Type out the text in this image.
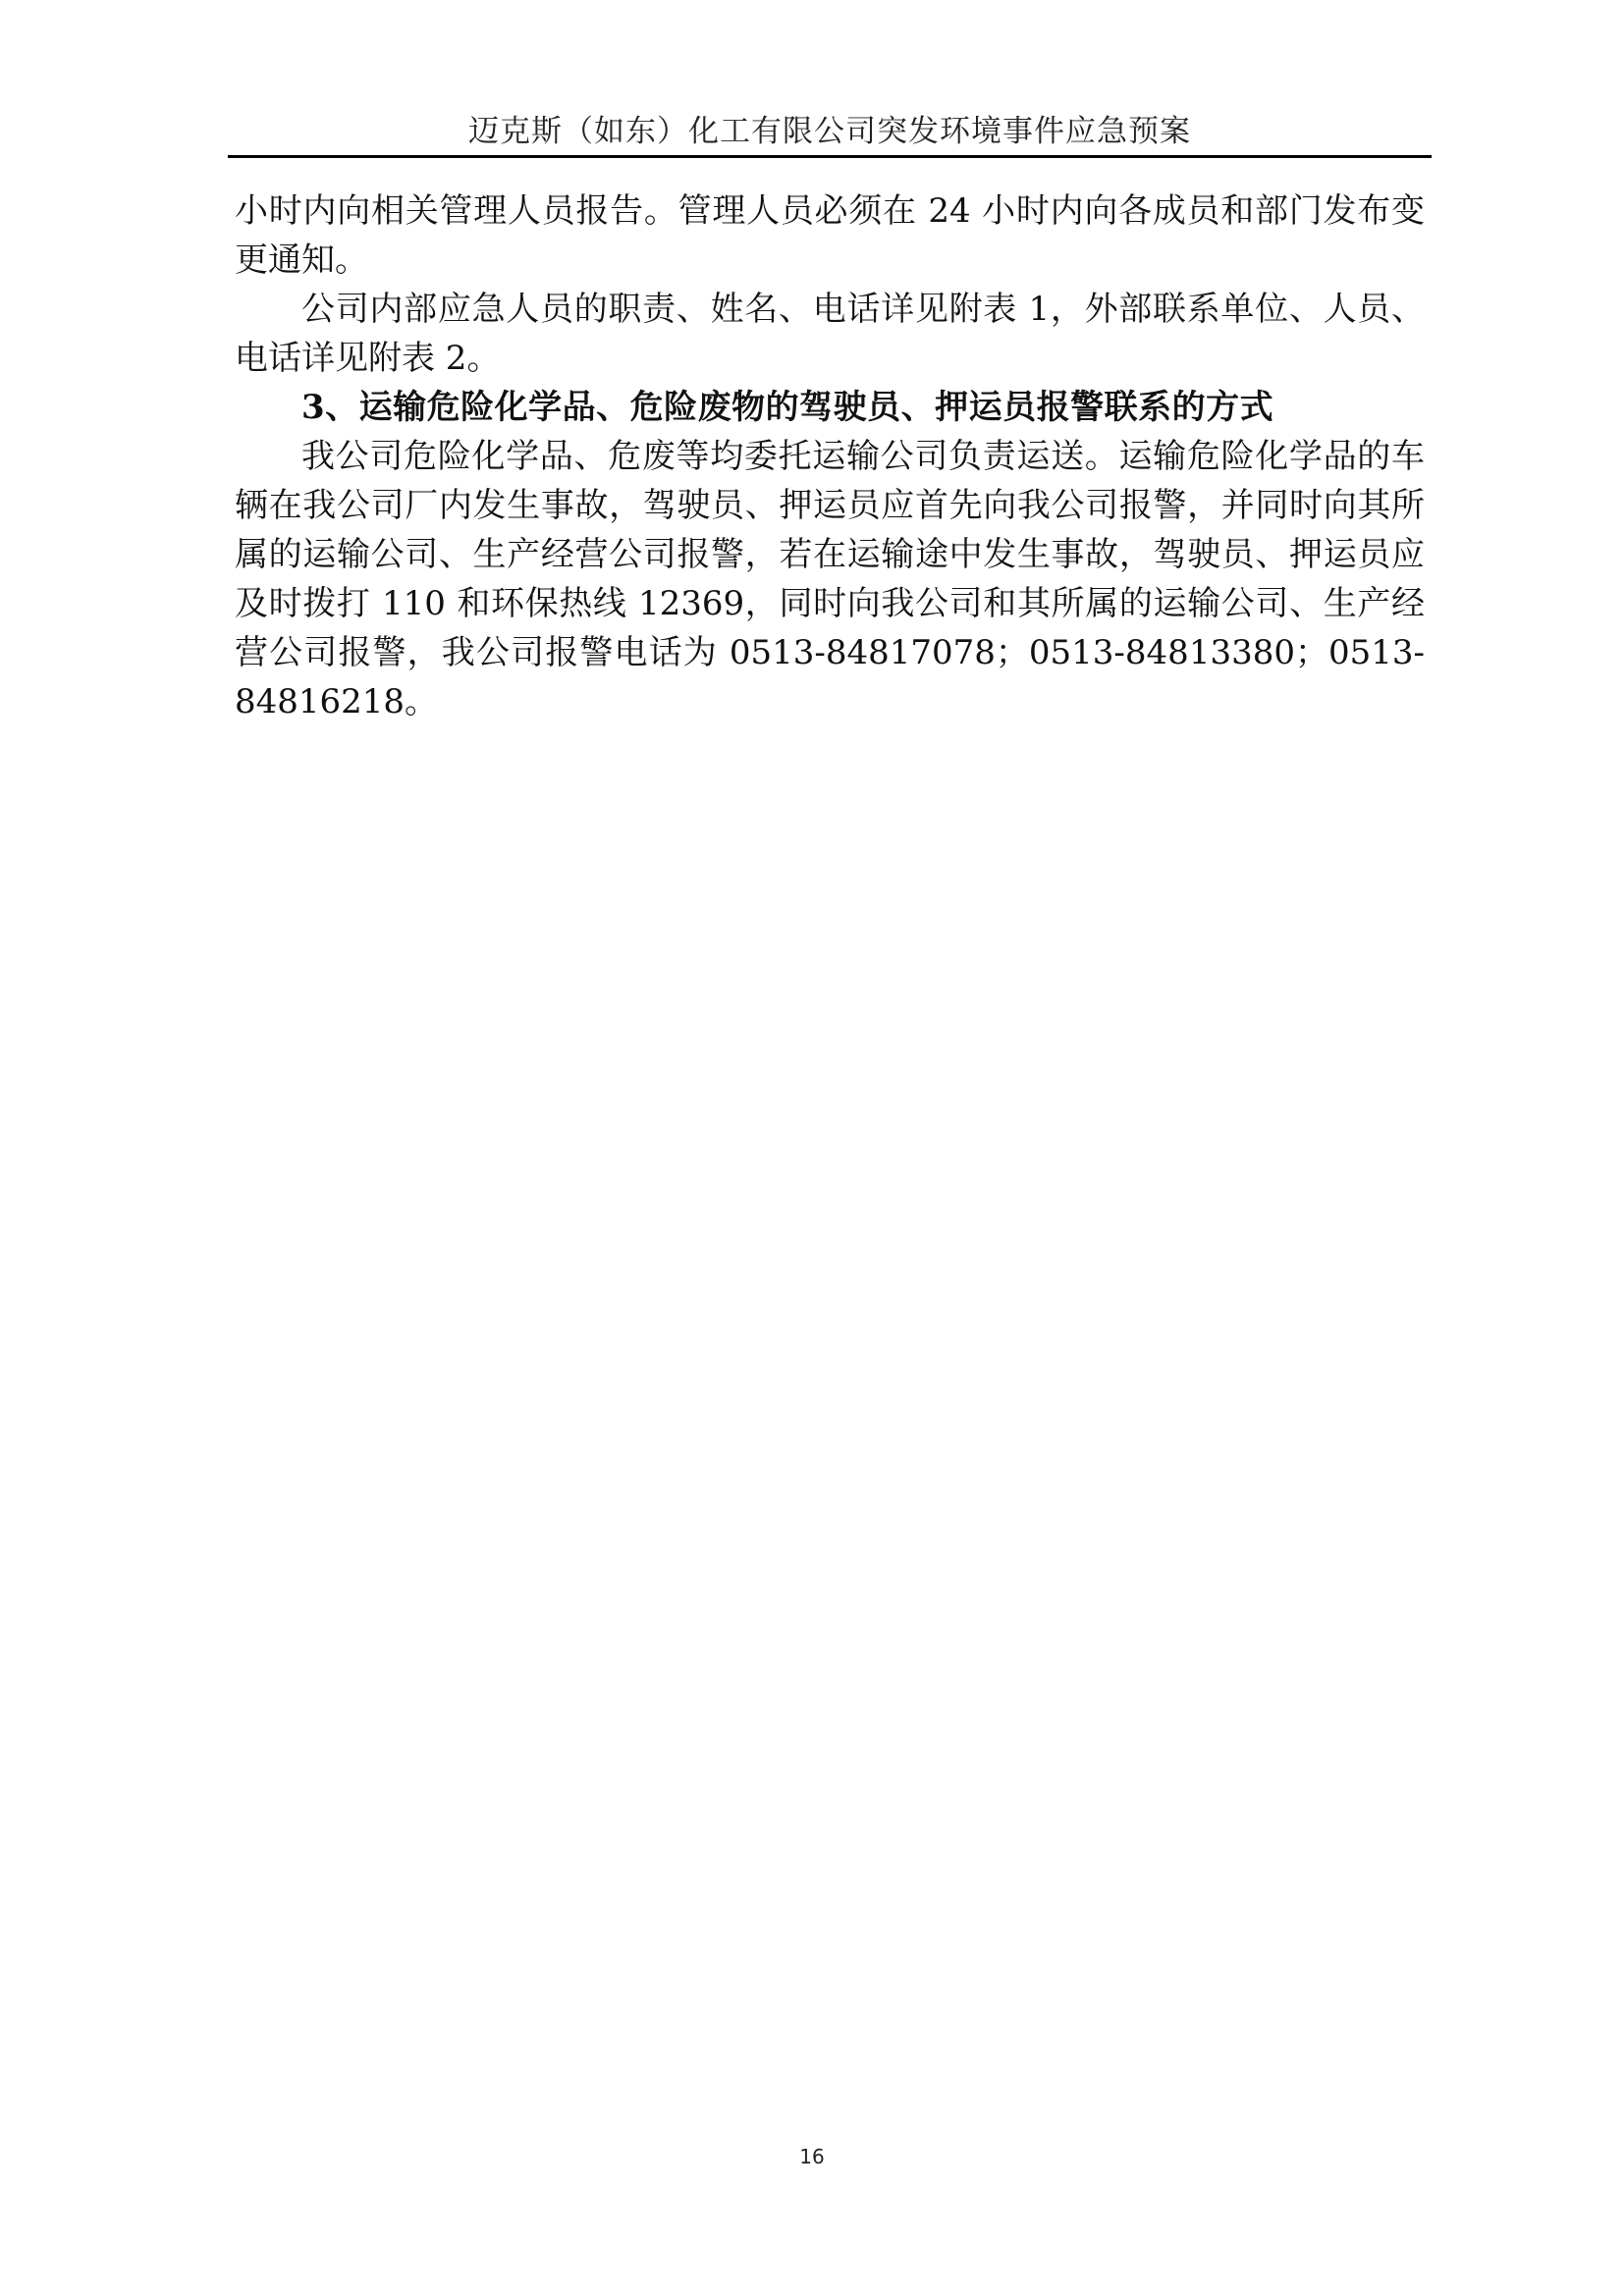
迈克斯（如东）化工有限公司突发环境事件应急预案

小时内向相关管理人员报告。管理人员必须在 24 小时内向各成员和部门发布变更通知。

公司内部应急人员的职责、姓名、电话详见附表 1，外部联系单位、人员、电话详见附表 2。

3、运输危险化学品、危险废物的驾驶员、押运员报警联系的方式

我公司危险化学品、危废等均委托运输公司负责运送。运输危险化学品的车辆在我公司厂内发生事故，驾驶员、押运员应首先向我公司报警，并同时向其所属的运输公司、生产经营公司报警，若在运输途中发生事故，驾驶员、押运员应及时拨打 110 和环保热线 12369，同时向我公司和其所属的运输公司、生产经营公司报警，我公司报警电话为 0513-84817078；0513-84813380；0513-84816218。

16
